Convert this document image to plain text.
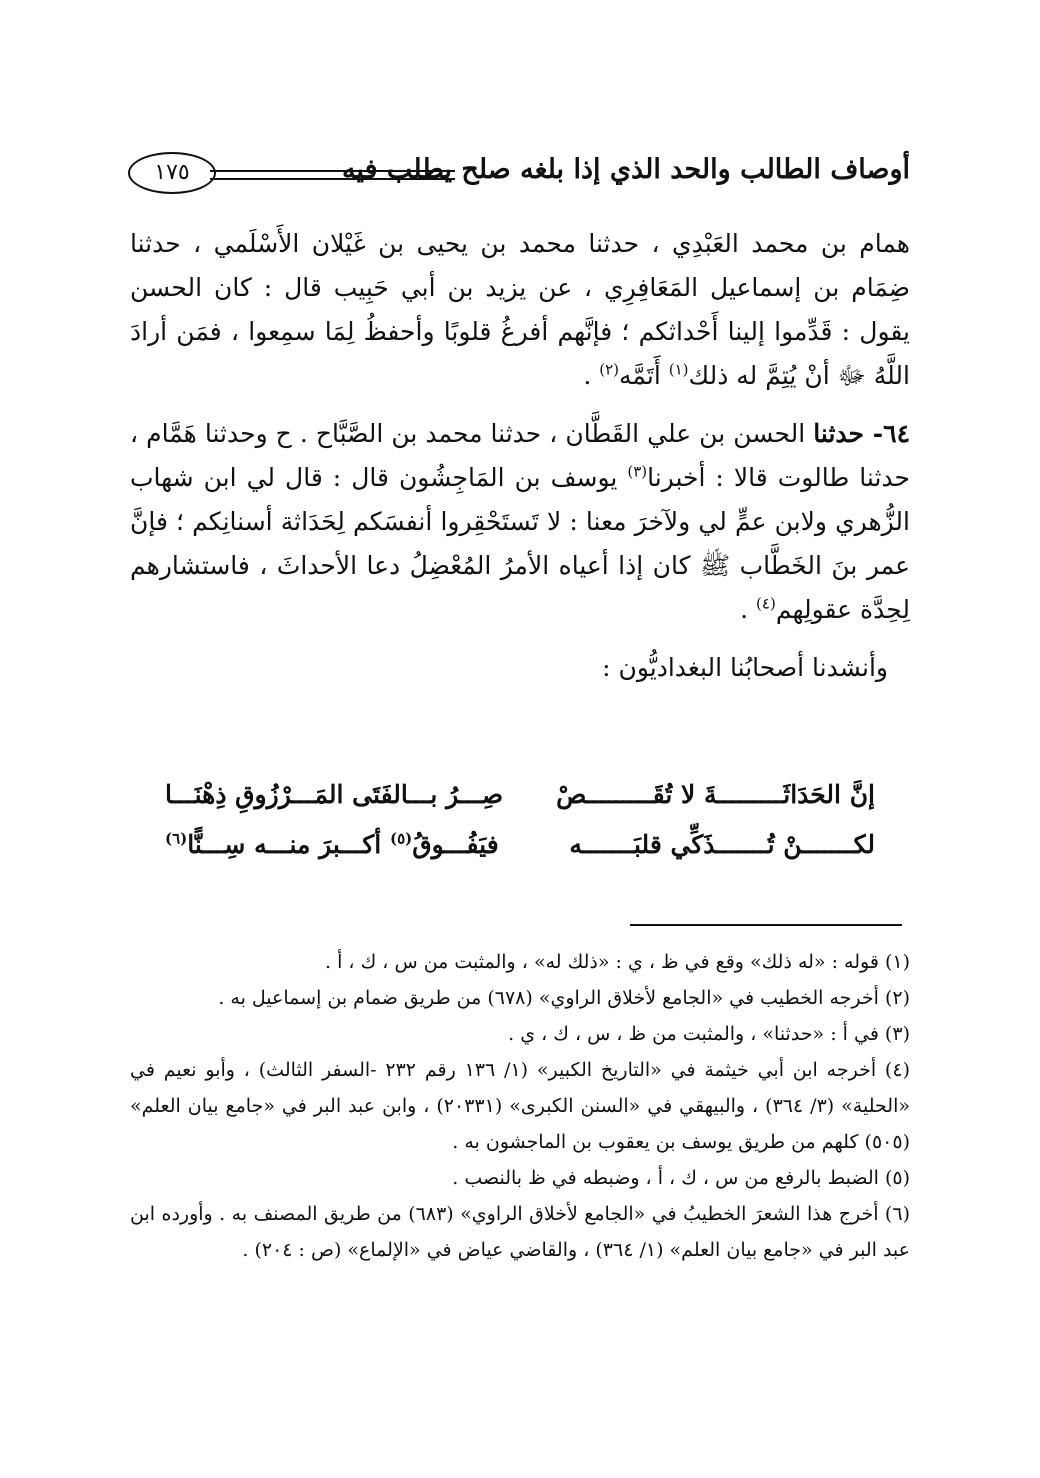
أوصاف الطالب والحد الذي إذا بلغه صلح يطلب فيه
١٧٥

همام بن محمد العَبْدِي ، حدثنا محمد بن يحيى بن غَيْلان الأَسْلَمي ، حدثنا ضِمَام بن إسماعيل المَعَافِرِي ، عن يزيد بن أبي حَبِيب قال : كان الحسن يقول : قَدِّموا إلينا أَحْداثكم ؛ فإنَّهم أفرغُ قلوبًا وأحفظُ لِمَا سمِعوا ، فمَن أرادَ اللَّهُ ﷻ أنْ يُتِمَّ له ذلك$^{(١)}$ أَتَمَّه$^{(٢)}$ .

٦٤- حدثنا الحسن بن علي القَطَّان ، حدثنا محمد بن الصَّبَّاح . ح وحدثنا هَمَّام ، حدثنا طالوت قالا : أخبرنا$^{(٣)}$ يوسف بن المَاجِشُون قال : قال لي ابن شهاب الزُّهري ولابن عمٍّ لي ولآخرَ معنا : لا تَستَحْقِروا أنفسَكم لِحَدَاثة أسنانِكم ؛ فإنَّ عمر بنَ الخَطَّاب ﷺ كان إذا أعياه الأمرُ المُعْضِلُ دعا الأحداثَ ، فاستشارهم لِحِدَّة عقولِهم$^{(٤)}$ .

وأنشدنا أصحابُنا البغداديُّون :

إنَّ الحَدَاثَـــــــــةَ لا تُقَـــــــــصْ
صِـــرُ بـــالفَتَى المَـــرْزُوقِ ذِهْنَـــا
لكـــــــنْ تُـــــــذَكِّي قلبَـــــــه
فيَفُـــوقُ$^{(٥)}$ أكـــبرَ منـــه سِـــنًّا$^{(٦)}$

(١) قوله : «له ذلك» وقع في ظ ، ي : «ذلك له» ، والمثبت من س ، ك ، أ .

(٢) أخرجه الخطيب في «الجامع لأخلاق الراوي» (٦٧٨) من طريق ضمام بن إسماعيل به .

(٣) في أ : «حدثنا» ، والمثبت من ظ ، س ، ك ، ي .

(٤) أخرجه ابن أبي خيثمة في «التاريخ الكبير» (١/ ١٣٦ رقم ٢٣٢ -السفر الثالث) ، وأبو نعيم في «الحلية» (٣/ ٣٦٤) ، والبيهقي في «السنن الكبرى» (٢٠٣٣١) ، وابن عبد البر في «جامع بيان العلم» (٥٠٥) كلهم من طريق يوسف بن يعقوب بن الماجشون به .

(٥) الضبط بالرفع من س ، ك ، أ ، وضبطه في ظ بالنصب .

(٦) أخرج هذا الشعرَ الخطيبُ في «الجامع لأخلاق الراوي» (٦٨٣) من طريق المصنف به . وأورده ابن عبد البر في «جامع بيان العلم» (١/ ٣٦٤) ، والقاضي عياض في «الإلماع» (ص : ٢٠٤) .
